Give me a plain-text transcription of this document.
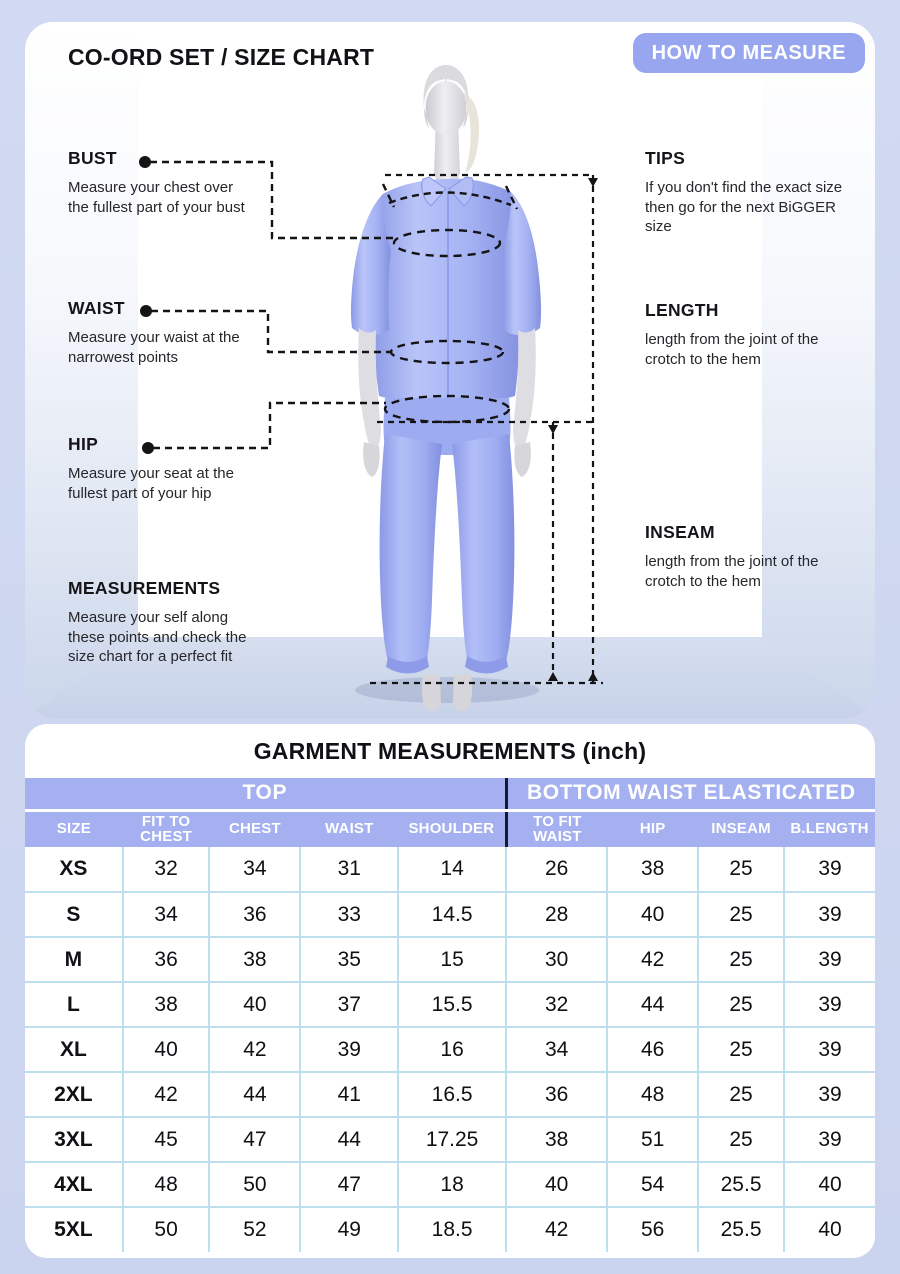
CO-ORD SET / SIZE CHART	HOW TO MEASURE
BUST
Measure your chest over the fullest part of your bust
WAIST
Measure your waist at the narrowest points
HIP
Measure your seat at the fullest part of your hip
MEASUREMENTS
Measure your self along these points and check the size chart for a perfect fit
TIPS
If you don't find the exact size then go for the next BiGGER size
LENGTH
length from the joint of the crotch to the hem
INSEAM
length from the joint of the crotch to the hem
GARMENT MEASUREMENTS (inch)
TOP					BOTTOM WAIST ELASTICATED			
SIZE	FIT TO CHEST	CHEST	WAIST	SHOULDER	TO FIT WAIST	HIP	INSEAM	B.LENGTH
XS	32	34	31	14	26	38	25	39
S	34	36	33	14.5	28	40	25	39
M	36	38	35	15	30	42	25	39
L	38	40	37	15.5	32	44	25	39
XL	40	42	39	16	34	46	25	39
2XL	42	44	41	16.5	36	48	25	39
3XL	45	47	44	17.25	38	51	25	39
4XL	48	50	47	18	40	54	25.5	40
5XL	50	52	49	18.5	42	56	25.5	40
